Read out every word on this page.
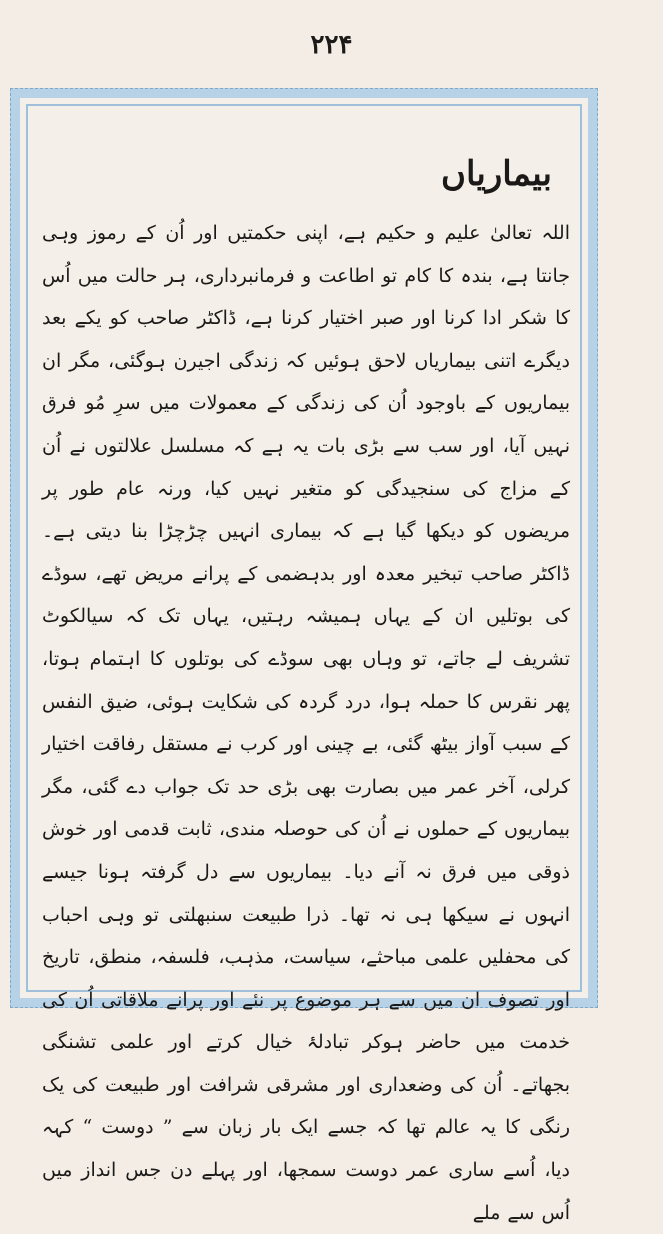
۲۲۴
بیماریاں

اللہ تعالیٰ علیم و حکیم ہے، اپنی حکمتیں اور اُن کے رموز وہی جانتا ہے، بندہ کا کام تو اطاعت و فرمانبرداری، ہر حالت میں اُس کا شکر ادا کرنا اور صبر اختیار کرنا ہے، ڈاکٹر صاحب کو یکے بعد دیگرے اتنی بیماریاں لاحق ہوئیں کہ زندگی اجیرن ہوگئی، مگر ان بیماریوں کے باوجود اُن کی زندگی کے معمولات میں سرِ مُو فرق نہیں آیا، اور سب سے بڑی بات یہ ہے کہ مسلسل علالتوں نے اُن کے مزاج کی سنجیدگی کو متغیر نہیں کیا، ورنہ عام طور پر مریضوں کو دیکھا گیا ہے کہ بیماری انہیں چڑچڑا بنا دیتی ہے۔ ڈاکٹر صاحب تبخیر معدہ اور بدہضمی کے پرانے مریض تھے، سوڈے کی بوتلیں ان کے یہاں ہمیشہ رہتیں، یہاں تک کہ سیالکوٹ تشریف لے جاتے، تو وہاں بھی سوڈے کی بوتلوں کا اہتمام ہوتا، پھر نقرس کا حملہ ہوا، درد گردہ کی شکایت ہوئی، ضیق النفس کے سبب آواز بیٹھ گئی، بے چینی اور کرب نے مستقل رفاقت اختیار کرلی، آخر عمر میں بصارت بھی بڑی حد تک جواب دے گئی، مگر بیماریوں کے حملوں نے اُن کی حوصلہ مندی، ثابت قدمی اور خوش ذوقی میں فرق نہ آنے دیا۔ بیماریوں سے دل گرفتہ ہونا جیسے انہوں نے سیکھا ہی نہ تھا۔ ذرا طبیعت سنبھلتی تو وہی احباب کی محفلیں علمی مباحثے، سیاست، مذہب، فلسفہ، منطق، تاریخ اور تصوف ان میں سے ہر موضوع پر نئے اور پرانے ملاقاتی اُن کی خدمت میں حاضر ہوکر تبادلۂ خیال کرتے اور علمی تشنگی بجھاتے۔ اُن کی وضعداری اور مشرقی شرافت اور طبیعت کی یک رنگی کا یہ عالم تھا کہ جسے ایک بار زبان سے ” دوست “ کہہ دیا، اُسے ساری عمر دوست سمجھا، اور پہلے دن جس انداز میں اُس سے ملے
